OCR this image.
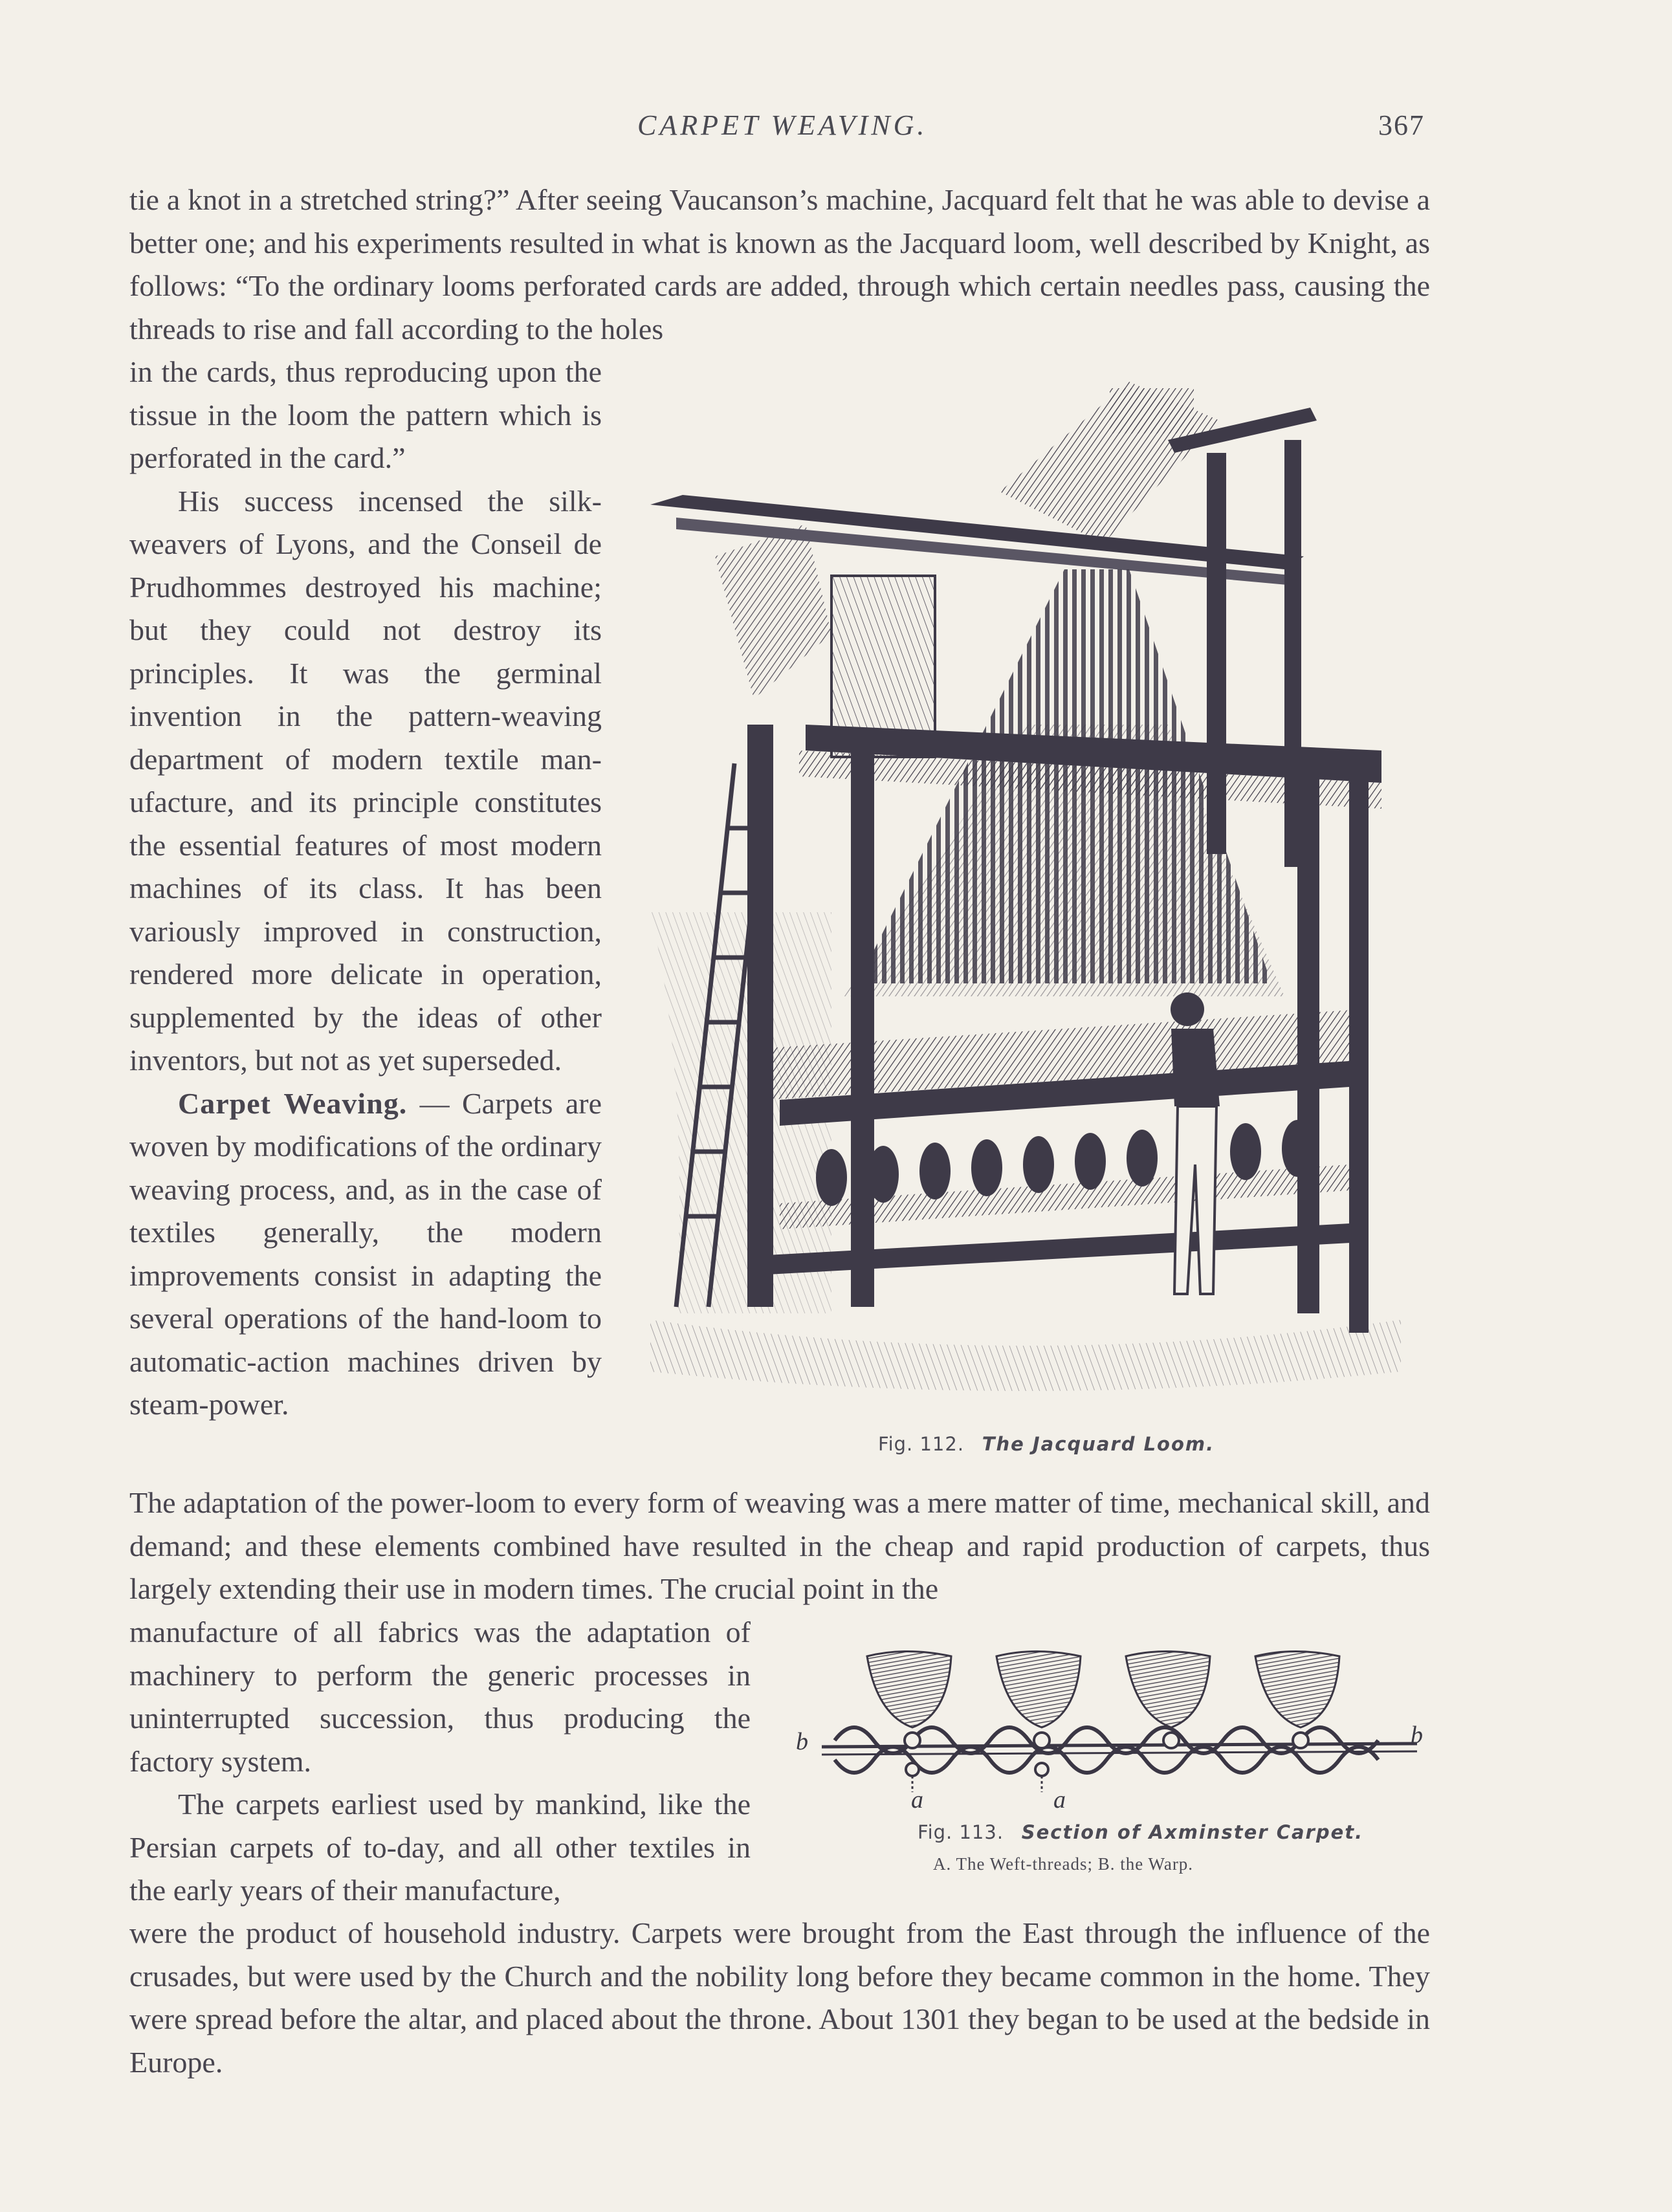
CARPET WEAVING.	367

tie a knot in a stretched string?” After seeing Vaucanson’s machine, Jacquard felt that he was able to devise a better one; and his experiments resulted in what is known as the Jacquard loom, well described by Knight, as follows: “To the ordinary looms perforated cards are added, through which certain needles pass, causing the threads to rise and fall according to the holes

in the cards, thus reproducing upon the tissue in the loom the pattern which is perforated in the card.”

His success incensed the silk-weavers of Lyons, and the Conseil de Prudhommes destroyed his machine; but they could not destroy its principles. It was the germinal invention in the pattern-weaving department of modern textile manufacture, and its principle constitutes the essential features of most modern machines of its class. It has been variously improved in construction, rendered more delicate in operation, supplemented by the ideas of other inventors, but not as yet superseded.

Carpet Weaving. — Carpets are woven by modifications of the ordinary weaving process, and, as in the case of textiles generally, the modern improvements consist in adapting the several operations of the hand-loom to automatic-action machines driven by steam-power.

Fig. 112. The Jacquard Loom.

The adaptation of the power-loom to every form of weaving was a mere matter of time, mechanical skill, and demand; and these elements combined have resulted in the cheap and rapid production of carpets, thus largely extending their use in modern times. The crucial point in the

manufacture of all fabrics was the adaptation of machinery to perform the generic processes in uninterrupted succession, thus producing the factory system.

The carpets earliest used by mankind, like the Persian carpets of to-day, and all other textiles in the early years of their manufacture,

b	b
a	a
Fig. 113. Section of Axminster Carpet.
A. The Weft-threads; B. the Warp.

were the product of household industry. Carpets were brought from the East through the influence of the crusades, but were used by the Church and the nobility long before they became common in the home. They were spread before the altar, and placed about the throne. About 1301 they began to be used at the bedside in Europe.
